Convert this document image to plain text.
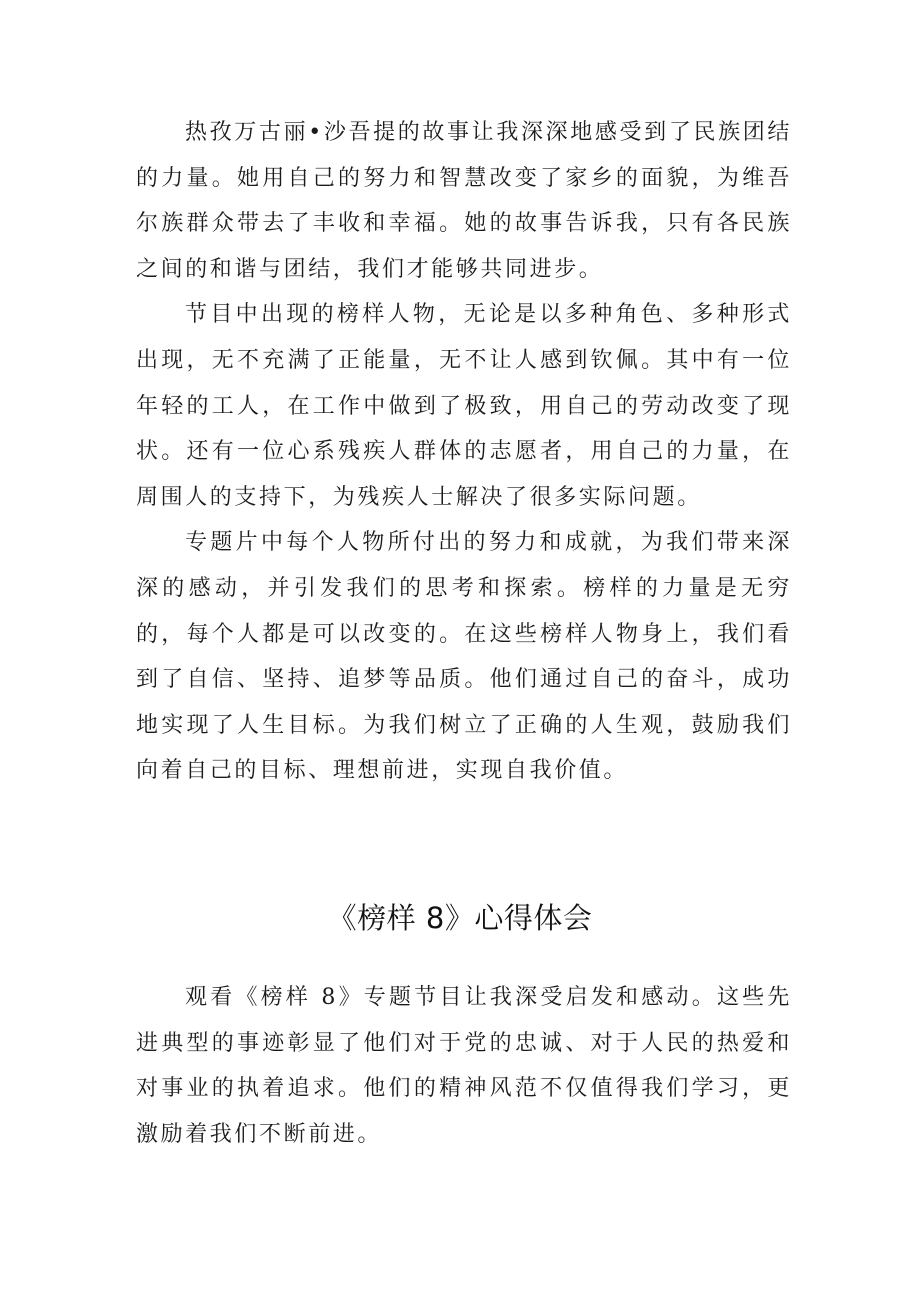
热孜万古丽•沙吾提的故事让我深深地感受到了民族团结的力量。她用自己的努力和智慧改变了家乡的面貌，为维吾尔族群众带去了丰收和幸福。她的故事告诉我，只有各民族之间的和谐与团结，我们才能够共同进步。

节目中出现的榜样人物，无论是以多种角色、多种形式出现，无不充满了正能量，无不让人感到钦佩。其中有一位年轻的工人，在工作中做到了极致，用自己的劳动改变了现状。还有一位心系残疾人群体的志愿者，用自己的力量，在周围人的支持下，为残疾人士解决了很多实际问题。

专题片中每个人物所付出的努力和成就，为我们带来深深的感动，并引发我们的思考和探索。榜样的力量是无穷的，每个人都是可以改变的。在这些榜样人物身上，我们看到了自信、坚持、追梦等品质。他们通过自己的奋斗，成功地实现了人生目标。为我们树立了正确的人生观，鼓励我们向着自己的目标、理想前进，实现自我价值。

《榜样 8》心得体会

观看《榜样 8》专题节目让我深受启发和感动。这些先进典型的事迹彰显了他们对于党的忠诚、对于人民的热爱和对事业的执着追求。他们的精神风范不仅值得我们学习，更激励着我们不断前进。
